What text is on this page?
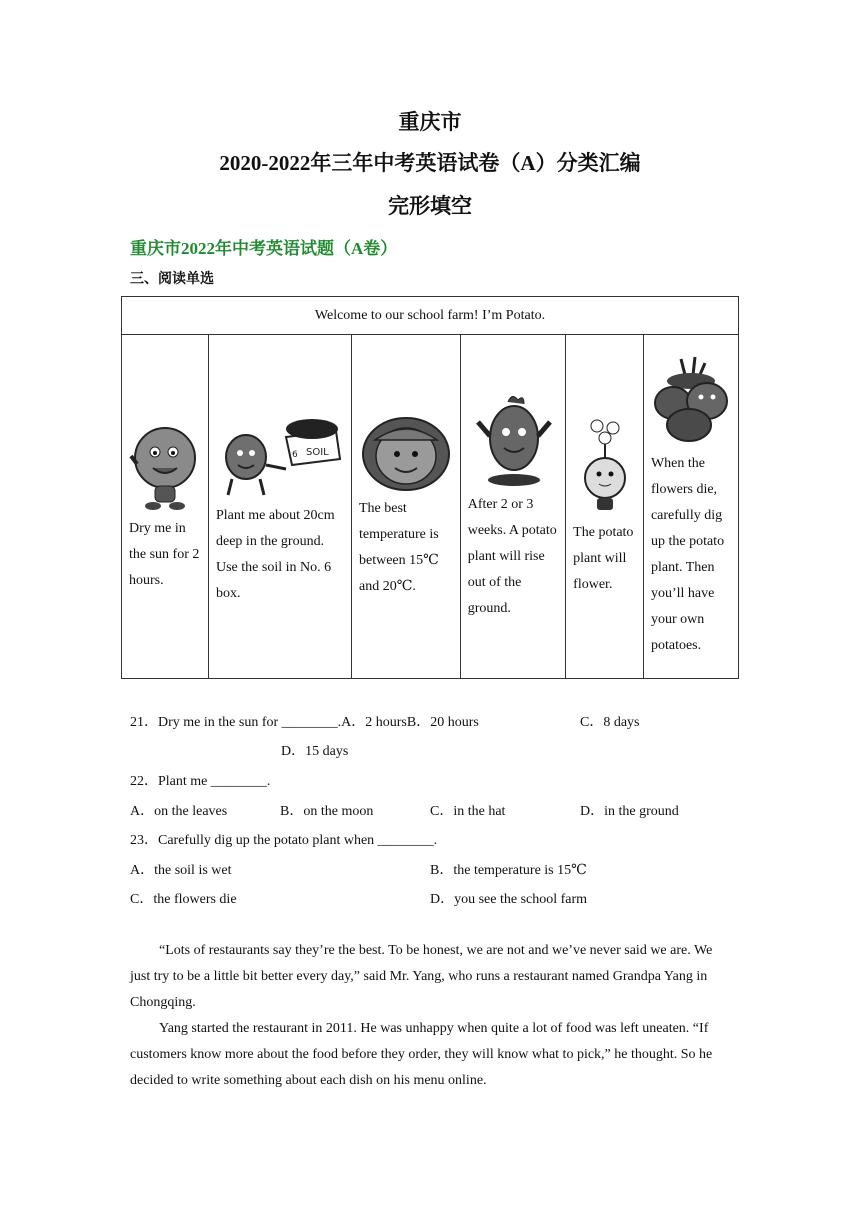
重庆市
2020-2022年三年中考英语试卷（A）分类汇编
完形填空
重庆市2022年中考英语试题（A卷）
三、阅读单选
Welcome to our school farm! I’m Potato.

Dry me in the sun for 2 hours.

SOIL
6
Plant me about 20cm deep in the ground. Use the soil in No. 6 box.

The best temperature is between 15℃ and 20℃.

After 2 or 3 weeks. A potato plant will rise out of the ground.

The potato plant will flower.

When the flowers die, carefully dig up the potato plant. Then you’ll have your own potatoes.
21．Dry me in the sun for ________.A．2 hoursB．20 hours	C．8 days
D．15 days
22．Plant me ________.
A．on the leaves	B．on the moon	C．in the hat	D．in the ground
23．Carefully dig up the potato plant when ________.
A．the soil is wet	B．the temperature is 15℃
C．the flowers die	D．you see the school farm

“Lots of restaurants say they’re the best. To be honest, we are not and we’ve never said we are. We just try to be a little bit better every day,” said Mr. Yang, who runs a restaurant named Grandpa Yang in Chongqing.

Yang started the restaurant in 2011. He was unhappy when quite a lot of food was left uneaten. “If customers know more about the food before they order, they will know what to pick,” he thought. So he decided to write something about each dish on his menu online.
